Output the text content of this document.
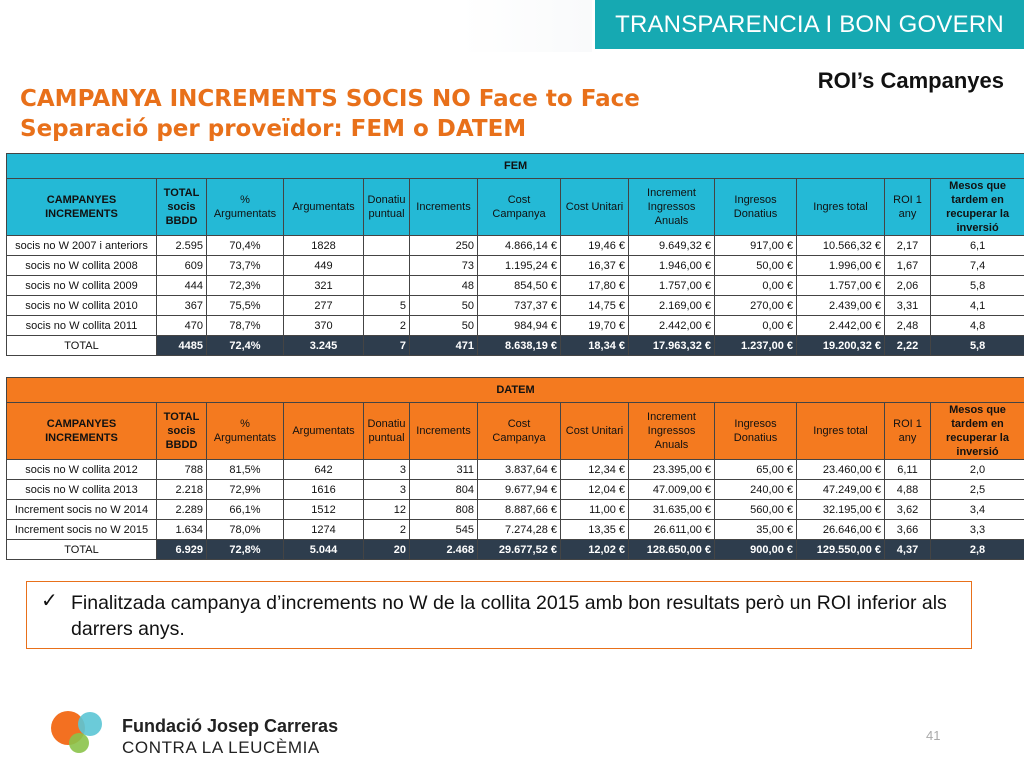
TRANSPARENCIA I BON GOVERN
ROI’s Campanyes
CAMPANYA INCREMENTS SOCIS NO Face to Face
Separació per proveïdor: FEM o DATEM
FEM												
CAMPANYES INCREMENTS	TOTAL socis BBDD	% Argumentats	Argumentats	Donatiu puntual	Increments	Cost Campanya	Cost Unitari	Increment Ingressos Anuals	Ingresos Donatius	Ingres total	ROI 1 any	Mesos que tardem en recuperar la inversió
socis no W 2007 i anteriors	2.595	70,4%	1828		250	4.866,14 €	19,46 €	9.649,32 €	917,00 €	10.566,32 €	2,17	6,1
socis no W collita 2008	609	73,7%	449		73	1.195,24 €	16,37 €	1.946,00 €	50,00 €	1.996,00 €	1,67	7,4
socis no W collita 2009	444	72,3%	321		48	854,50 €	17,80 €	1.757,00 €	0,00 €	1.757,00 €	2,06	5,8
socis no W collita 2010	367	75,5%	277	5	50	737,37 €	14,75 €	2.169,00 €	270,00 €	2.439,00 €	3,31	4,1
socis no W collita 2011	470	78,7%	370	2	50	984,94 €	19,70 €	2.442,00 €	0,00 €	2.442,00 €	2,48	4,8
TOTAL	4485	72,4%	3.245	7	471	8.638,19 €	18,34 €	17.963,32 €	1.237,00 €	19.200,32 €	2,22	5,8
DATEM												
CAMPANYES INCREMENTS	TOTAL socis BBDD	% Argumentats	Argumentats	Donatiu puntual	Increments	Cost Campanya	Cost Unitari	Increment Ingressos Anuals	Ingresos Donatius	Ingres total	ROI 1 any	Mesos que tardem en recuperar la inversió
socis no W collita 2012	788	81,5%	642	3	311	3.837,64 €	12,34 €	23.395,00 €	65,00 €	23.460,00 €	6,11	2,0
socis no W collita 2013	2.218	72,9%	1616	3	804	9.677,94 €	12,04 €	47.009,00 €	240,00 €	47.249,00 €	4,88	2,5
Increment socis no W 2014	2.289	66,1%	1512	12	808	8.887,66 €	11,00 €	31.635,00 €	560,00 €	32.195,00 €	3,62	3,4
Increment socis no W 2015	1.634	78,0%	1274	2	545	7.274,28 €	13,35 €	26.611,00 €	35,00 €	26.646,00 €	3,66	3,3
TOTAL	6.929	72,8%	5.044	20	2.468	29.677,52 €	12,02 €	128.650,00 €	900,00 €	129.550,00 €	4,37	2,8
✓ Finalitzada campanya d’increments no W de la collita 2015 amb bon resultats però un ROI inferior als darrers anys.
Fundació Josep Carreras
CONTRA LA LEUCÈMIA
41
